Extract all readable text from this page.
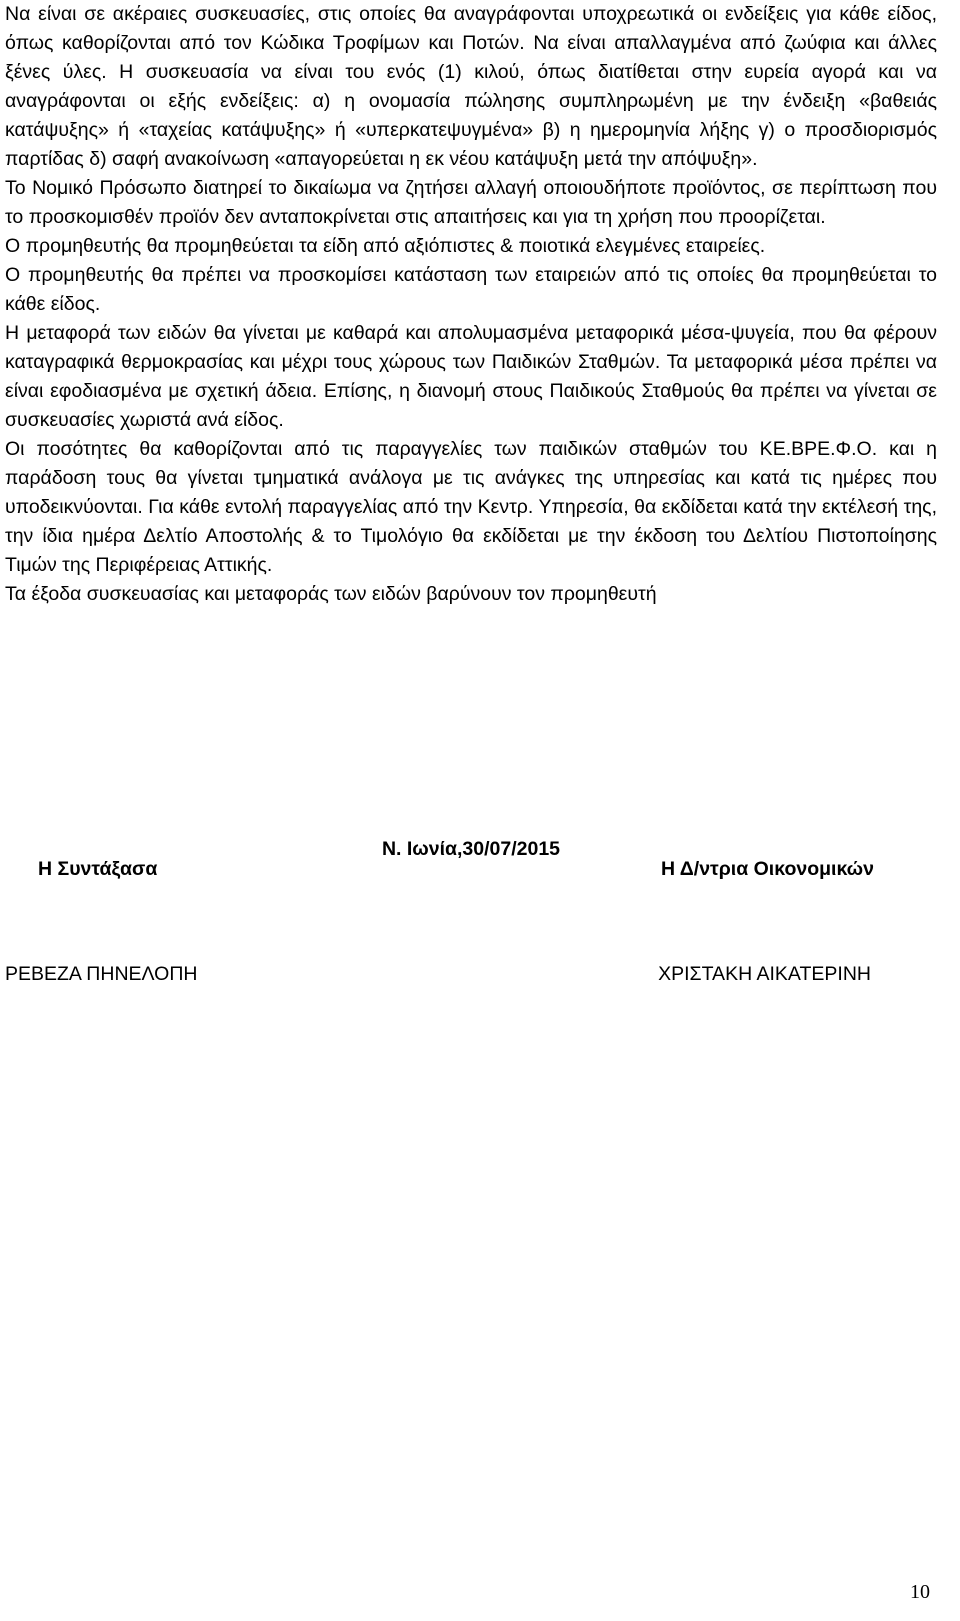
Να είναι σε ακέραιες συσκευασίες, στις οποίες θα αναγράφονται υποχρεωτικά οι ενδείξεις για κάθε είδος, όπως καθορίζονται από τον Κώδικα Τροφίμων και Ποτών. Να είναι απαλλαγμένα από ζωύφια και άλλες ξένες ύλες. Η συσκευασία να είναι του ενός (1) κιλού, όπως διατίθεται στην ευρεία αγορά και να αναγράφονται οι εξής ενδείξεις: α) η ονομασία πώλησης συμπληρωμένη με την ένδειξη «βαθειάς κατάψυξης» ή «ταχείας κατάψυξης» ή «υπερκατεψυγμένα» β) η ημερομηνία λήξης γ) ο προσδιορισμός παρτίδας δ) σαφή ανακοίνωση «απαγορεύεται η εκ νέου κατάψυξη μετά την απόψυξη».

Το Νομικό Πρόσωπο διατηρεί το δικαίωμα να ζητήσει αλλαγή οποιουδήποτε προϊόντος, σε περίπτωση που το προσκομισθέν προϊόν δεν ανταποκρίνεται στις απαιτήσεις και για τη χρήση που προορίζεται.

Ο προμηθευτής θα προμηθεύεται τα είδη από αξιόπιστες & ποιοτικά ελεγμένες εταιρείες.

Ο προμηθευτής θα πρέπει να προσκομίσει κατάσταση των εταιρειών από τις οποίες θα προμηθεύεται το κάθε είδος.

Η μεταφορά των ειδών θα γίνεται με καθαρά και απολυμασμένα μεταφορικά μέσα-ψυγεία, που θα φέρουν καταγραφικά θερμοκρασίας και μέχρι τους χώρους των Παιδικών Σταθμών. Τα μεταφορικά μέσα πρέπει να είναι εφοδιασμένα με σχετική άδεια. Επίσης, η διανομή στους Παιδικούς Σταθμούς θα πρέπει να γίνεται σε συσκευασίες χωριστά ανά είδος.

Οι ποσότητες θα καθορίζονται από τις παραγγελίες των παιδικών σταθμών του ΚΕ.ΒΡΕ.Φ.Ο. και η παράδοση τους θα γίνεται τμηματικά ανάλογα με τις ανάγκες της υπηρεσίας και κατά τις ημέρες που υποδεικνύονται. Για κάθε εντολή παραγγελίας από την Κεντρ. Υπηρεσία, θα εκδίδεται κατά την εκτέλεσή της, την ίδια ημέρα Δελτίο Αποστολής & το Τιμολόγιο θα εκδίδεται με την έκδοση του Δελτίου Πιστοποίησης Τιμών της Περιφέρειας Αττικής.

Τα έξοδα συσκευασίας και μεταφοράς των ειδών βαρύνουν τον προμηθευτή

Ν. Ιωνία,30/07/2015
Η Συντάξασα	Η Δ/ντρια Οικονομικών
ΡΕΒΕΖΑ ΠΗΝΕΛΟΠΗ	ΧΡΙΣΤΑΚΗ ΑΙΚΑΤΕΡΙΝΗ
10
